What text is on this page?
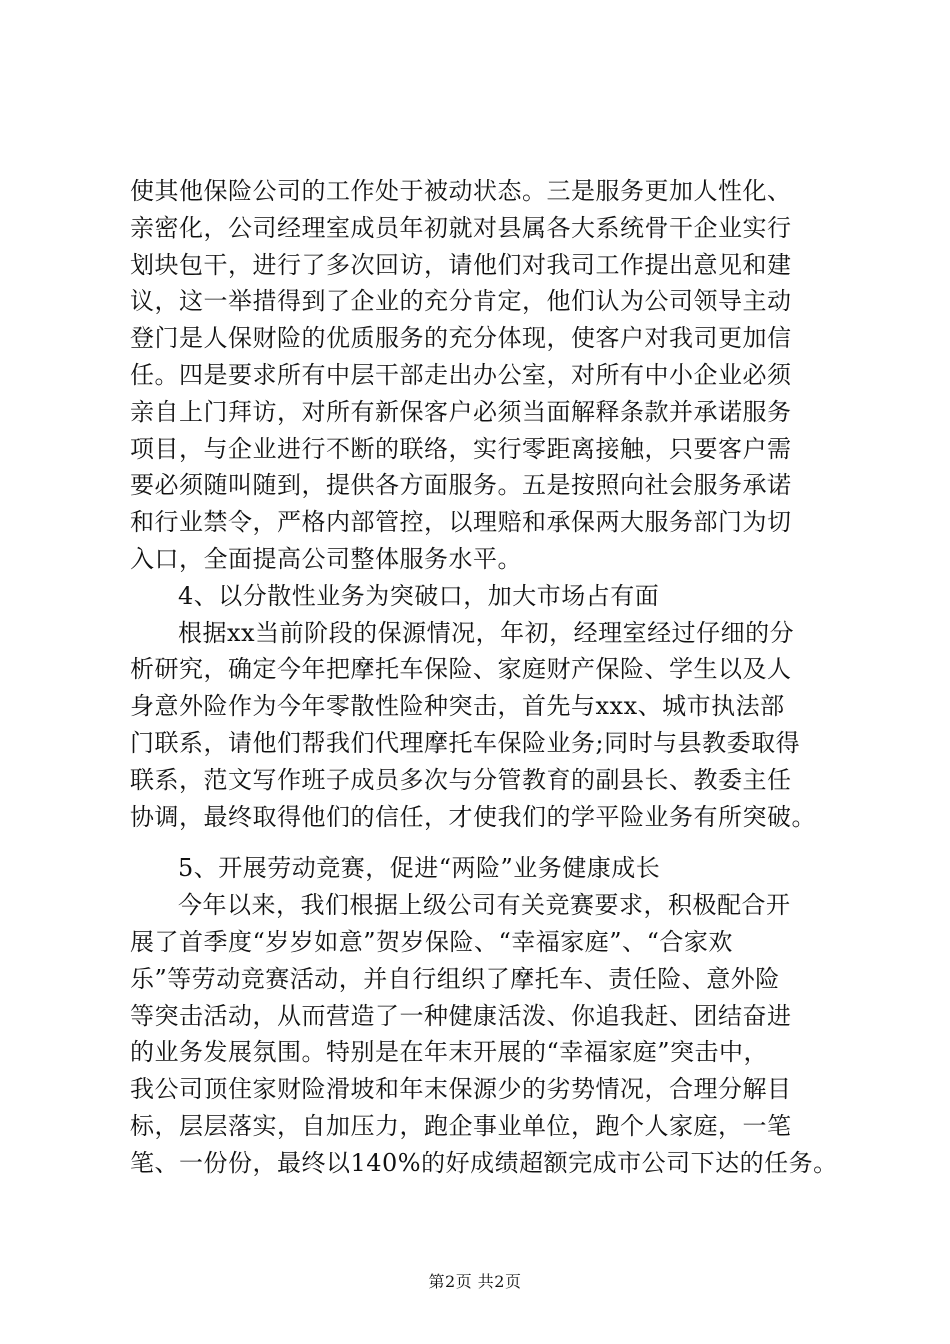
使其他保险公司的工作处于被动状态。三是服务更加人性化、
亲密化，公司经理室成员年初就对县属各大系统骨干企业实行
划块包干，进行了多次回访，请他们对我司工作提出意见和建
议，这一举措得到了企业的充分肯定，他们认为公司领导主动
登门是人保财险的优质服务的充分体现，使客户对我司更加信
任。四是要求所有中层干部走出办公室，对所有中小企业必须
亲自上门拜访，对所有新保客户必须当面解释条款并承诺服务
项目，与企业进行不断的联络，实行零距离接触，只要客户需
要必须随叫随到，提供各方面服务。五是按照向社会服务承诺
和行业禁令，严格内部管控，以理赔和承保两大服务部门为切
入口，全面提高公司整体服务水平。
4、以分散性业务为突破口，加大市场占有面
根据xx当前阶段的保源情况，年初，经理室经过仔细的分
析研究，确定今年把摩托车保险、家庭财产保险、学生以及人
身意外险作为今年零散性险种突击，首先与xxx、城市执法部
门联系，请他们帮我们代理摩托车保险业务;同时与县教委取得
联系，范文写作班子成员多次与分管教育的副县长、教委主任
协调，最终取得他们的信任，才使我们的学平险业务有所突破。
5、开展劳动竞赛，促进“两险”业务健康成长
今年以来，我们根据上级公司有关竞赛要求，积极配合开
展了首季度“岁岁如意”贺岁保险、“幸福家庭”、“合家欢
乐”等劳动竞赛活动，并自行组织了摩托车、责任险、意外险
等突击活动，从而营造了一种健康活泼、你追我赶、团结奋进
的业务发展氛围。特别是在年末开展的“幸福家庭”突击中，
我公司顶住家财险滑坡和年末保源少的劣势情况，合理分解目
标，层层落实，自加压力，跑企事业单位，跑个人家庭，一笔
笔、一份份，最终以140%的好成绩超额完成市公司下达的任务。
第2页 共2页
